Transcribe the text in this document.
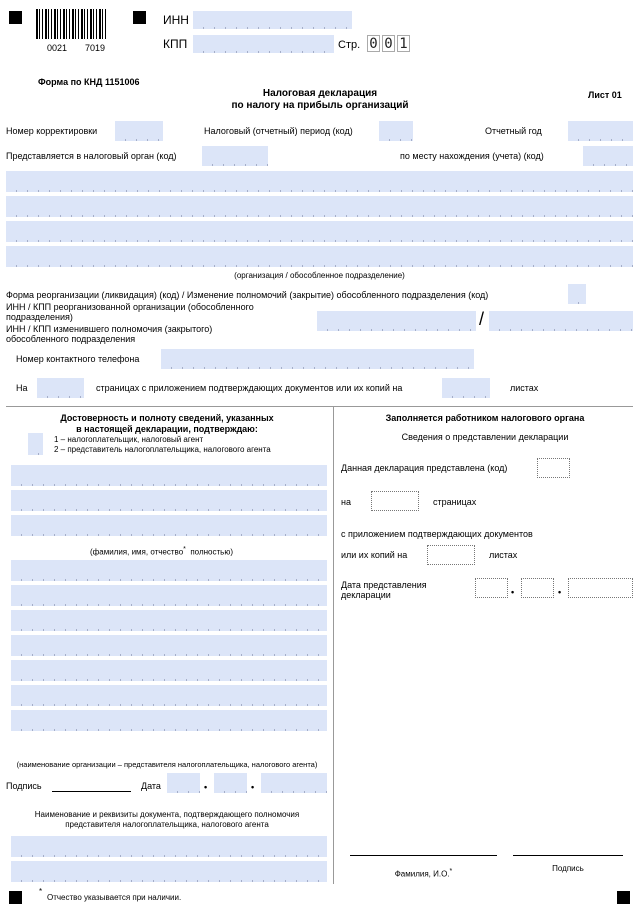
0021 7019
ИНН
КПП	Стр. 0 0 1
Форма по КНД 1151006
Налоговая декларация
по налогу на прибыль организаций
Лист 01
Номер корректировки	Налоговый (отчетный) период (код)	Отчетный год
Представляется в налоговый орган (код)	по месту нахождения (учета) (код)
(организация / обособленное подразделение)
Форма реорганизации (ликвидация) (код) / Изменение полномочий (закрытие) обособленного подразделения (код)
ИНН / КПП реорганизованной организации (обособленного подразделения)
ИНН / КПП изменившего полномочия (закрытого) обособленного подразделения
/
Номер контактного телефона
На	страницах с приложением подтверждающих документов или их копий на	листах
Достоверность и полноту сведений, указанных
в настоящей декларации, подтверждаю:
1 – налогоплательщик, налоговый агент
2 – представитель налогоплательщика, налогового агента
(фамилия, имя, отчество* полностью)
(наименование организации – представителя налогоплательщика, налогового агента)
Подпись	Дата	•	•
Наименование и реквизиты документа, подтверждающего полномочия
представителя налогоплательщика, налогового агента
Заполняется работником налогового органа
Сведения о представлении декларации
Данная декларация представлена (код)
на	страницах
с приложением подтверждающих документов
или их копий на	листах
Дата представления
декларации	•	•
Фамилия, И.О.*	Подпись
*
Отчество указывается при наличии.
